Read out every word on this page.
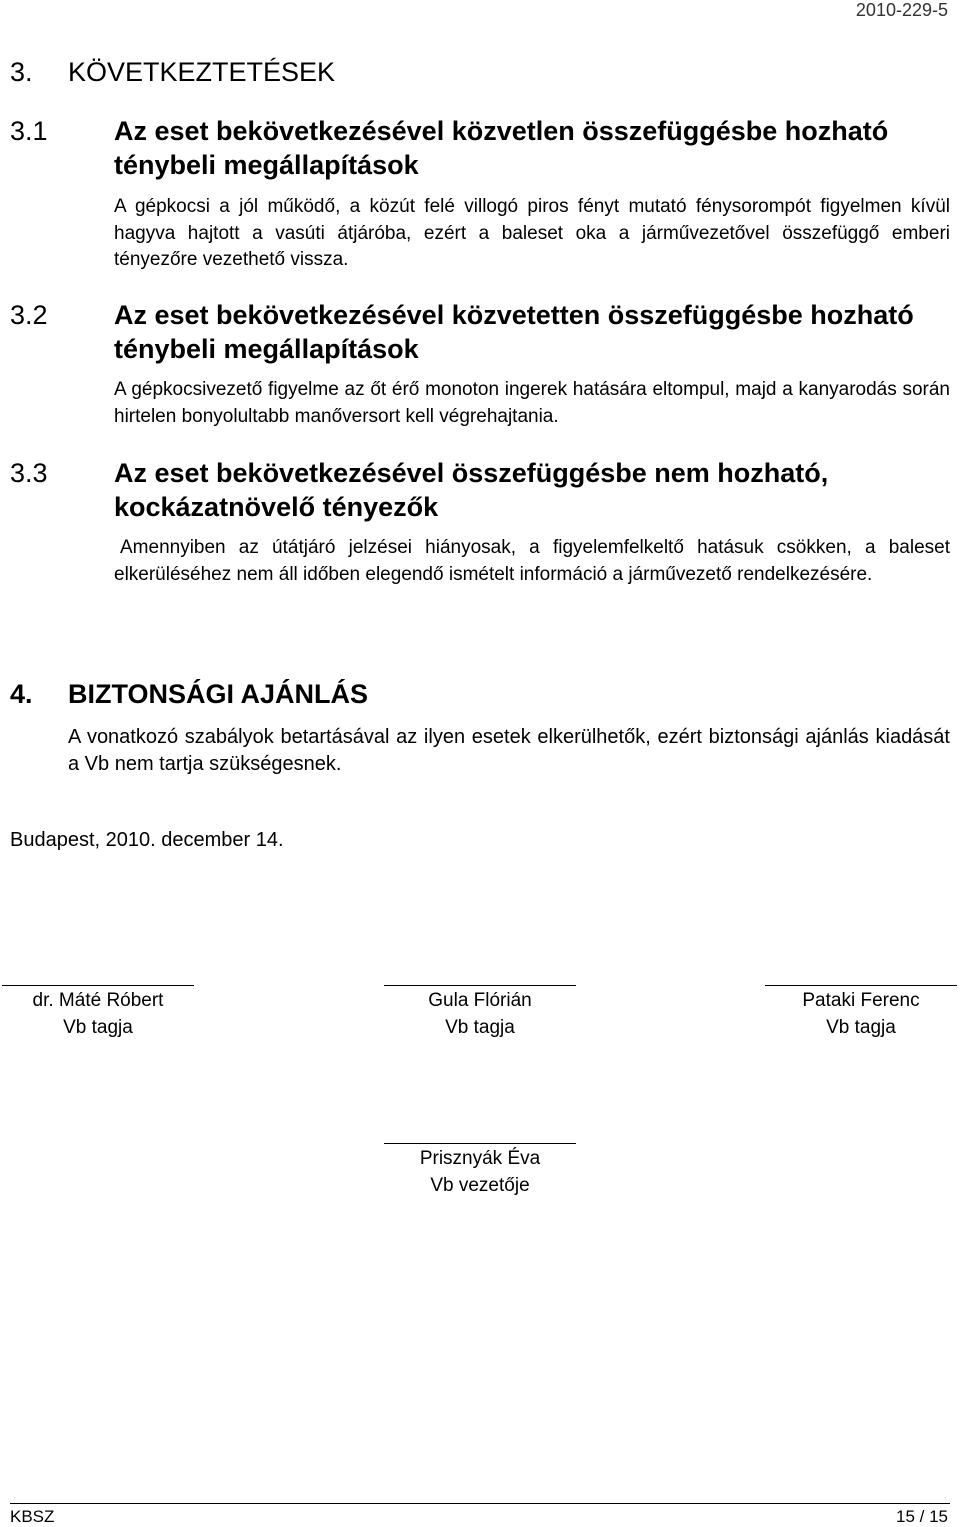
2010-229-5
3. KÖVETKEZTETÉSEK
3.1 Az eset bekövetkezésével közvetlen összefüggésbe hozható ténybeli megállapítások
A gépkocsi a jól működő, a közút felé villogó piros fényt mutató fénysorompót figyelmen kívül hagyva hajtott a vasúti átjáróba, ezért a baleset oka a járművezetővel összefüggő emberi tényezőre vezethető vissza.
3.2 Az eset bekövetkezésével közvetetten összefüggésbe hozható ténybeli megállapítások
A gépkocsivezető figyelme az őt érő monoton ingerek hatására eltompul, majd a kanyarodás során hirtelen bonyolultabb manőversort kell végrehajtania.
3.3 Az eset bekövetkezésével összefüggésbe nem hozható, kockázatnövelő tényezők
Amennyiben az útátjáró jelzései hiányosak, a figyelemfelkeltő hatásuk csökken, a baleset elkerüléséhez nem áll időben elegendő ismételt információ a járművezető rendelkezésére.
4. BIZTONSÁGI AJÁNLÁS
A vonatkozó szabályok betartásával az ilyen esetek elkerülhetők, ezért biztonsági ajánlás kiadását a Vb nem tartja szükségesnek.
Budapest, 2010. december 14.
dr. Máté Róbert
Vb tagja
Gula Flórián
Vb tagja
Pataki Ferenc
Vb tagja
Prisznyák Éva
Vb vezetője
KBSZ	15 / 15
